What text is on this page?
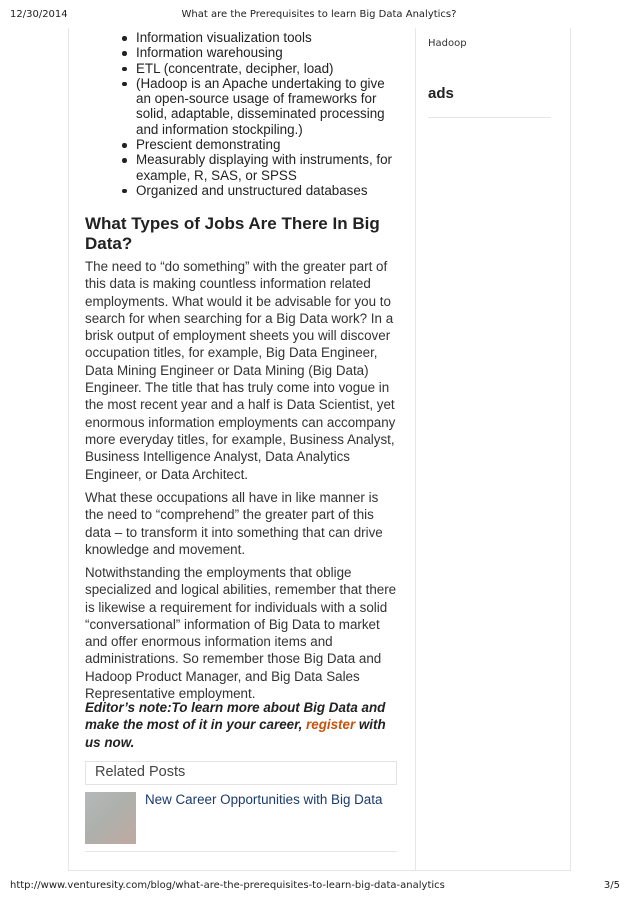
12/30/2014	What are the Prerequisites to learn Big Data Analytics?
Information visualization tools
Information warehousing
ETL (concentrate, decipher, load)
(Hadoop is an Apache undertaking to give an open-source usage of frameworks for solid, adaptable, disseminated processing and information stockpiling.)
Prescient demonstrating
Measurably displaying with instruments, for example, R, SAS, or SPSS
Organized and unstructured databases
What Types of Jobs Are There In Big Data?

The need to “do something” with the greater part of this data is making countless information related employments. What would it be advisable for you to search for when searching for a Big Data work? In a brisk output of employment sheets you will discover occupation titles, for example, Big Data Engineer, Data Mining Engineer or Data Mining (Big Data) Engineer. The title that has truly come into vogue in the most recent year and a half is Data Scientist, yet enormous information employments can accompany more everyday titles, for example, Business Analyst, Business Intelligence Analyst, Data Analytics Engineer, or Data Architect.

What these occupations all have in like manner is the need to “comprehend” the greater part of this data – to transform it into something that can drive knowledge and movement.

Notwithstanding the employments that oblige specialized and logical abilities, remember that there is likewise a requirement for individuals with a solid “conversational” information of Big Data to market and offer enormous information items and administrations. So remember those Big Data and Hadoop Product Manager, and Big Data Sales Representative employment.

Editor’s note:To learn more about Big Data and make the most of it in your career, register with us now.

Related Posts
New Career Opportunities with Big Data
Hadoop
ads
http://www.venturesity.com/blog/what-are-the-prerequisites-to-learn-big-data-analytics	3/5
